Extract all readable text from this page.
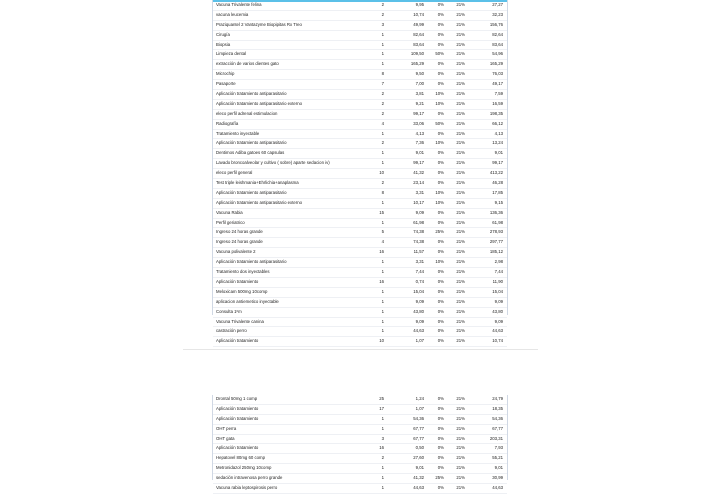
Vacuna Trivalente felina	2	9,95	0%	21%	27,27
vacuna leucemia	2	10,74	0%	21%	32,23
Praziquantel 2 Vantazyme Biopipitas Rx Treo	3	49,99	0%	21%	156,76
Cirugía	1	82,64	0%	21%	82,64
Biopsia	1	83,64	0%	21%	83,64
Limpieza dental	1	109,50	50%	21%	54,96
extracción de varios dientes gato	1	165,29	0%	21%	165,29
Microchip	8	9,50	0%	21%	76,03
Pasaporte	7	7,00	0%	21%	49,17
Aplicación tratamiento antiparasitario	2	3,81	10%	21%	7,59
Aplicación tratamiento antiparasitario externo	2	9,21	10%	21%	16,59
eleco perfil adrenal estimulacion	2	99,17	0%	21%	198,35
Radiografía	4	33,06	50%	21%	66,12
Tratamiento inyectable	1	4,13	0%	21%	4,13
Aplicación tratamiento antiparasitario	2	7,36	10%	21%	13,24
Dentimos Adiba gatoes 60 capsulas	1	9,01	0%	21%	9,01
Lavado broncoalveolar y cultivo ( sobre) aparte sedacion iv)	1	99,17	0%	21%	99,17
eleco perfil general	10	41,32	0%	21%	413,22
Test triple leishmania+Ehrlichia+anaplasma	2	23,14	0%	21%	46,28
Aplicación tratamiento antiparasitario	8	3,31	10%	21%	17,85
Aplicación tratamiento antiparasitario externo	1	10,17	10%	21%	9,15
Vacuna Rabia	15	9,09	0%	21%	136,36
Perfil geriatrico	1	61,98	0%	21%	61,98
Ingreso 24 horas grande	5	74,38	25%	21%	278,93
Ingreso 24 horas grande	4	74,38	0%	21%	297,77
Vacuna polivalente 2	16	11,57	0%	21%	185,12
Aplicación tratamiento antiparasitario	1	3,31	10%	21%	2,98
Tratamiento dos inyectables	1	7,44	0%	21%	7,44
Aplicación tratamiento	16	0,74	0%	21%	11,90
Meloxicam 500mg 10comp	1	15,04	0%	21%	15,04
aplicacion antiemetico inyectable	1	9,09	0%	21%	9,09
Consulta 1ºm	1	43,80	0%	21%	43,80
Vacuna Trivalente canina	1	9,09	0%	21%	9,09
castración perro	1	44,63	0%	21%	44,63
Aplicación tratamiento	10	1,07	0%	21%	10,74
Drontal 50mg 1 comp	25	1,24	0%	21%	24,79
Aplicación tratamiento	17	1,07	0%	21%	18,35
Aplicación tratamiento	1	54,36	0%	21%	54,36
OHT perra	1	67,77	0%	21%	67,77
OHT gata	3	67,77	0%	21%	203,31
Aplicación tratamiento	16	0,50	0%	21%	7,93
Hepatovel 80mg 60 comp	2	27,60	0%	21%	55,21
Metronidazol 250mg 10comp	1	9,01	0%	21%	9,01
sedación intravenosa perro grande	1	41,32	25%	21%	30,99
Vacuna rabia leptospirosis perro	1	44,63	0%	21%	44,63
